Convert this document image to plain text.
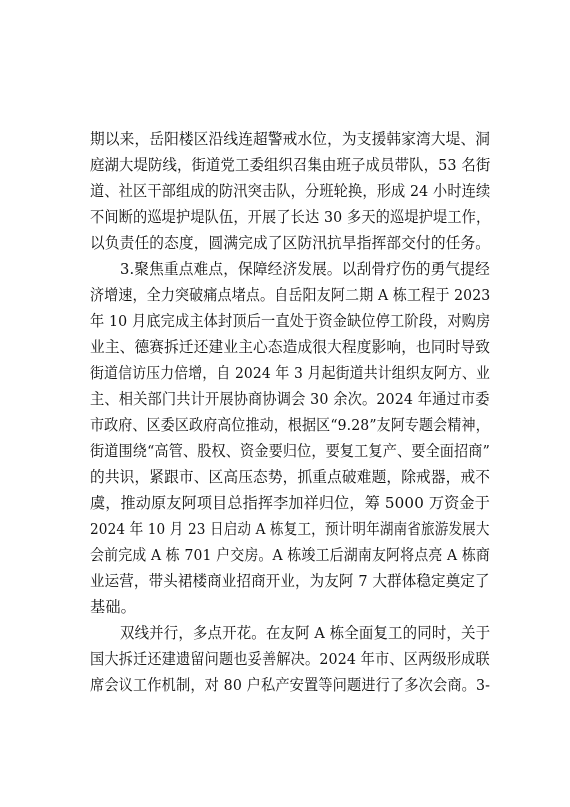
期以来，岳阳楼区沿线连超警戒水位，为支援韩家湾大堤、洞
庭湖大堤防线，街道党工委组织召集由班子成员带队，53 名街
道、社区干部组成的防汛突击队，分班轮换，形成 24 小时连续
不间断的巡堤护堤队伍，开展了长达 30 多天的巡堤护堤工作，
以负责任的态度，圆满完成了区防汛抗旱指挥部交付的任务。
3.聚焦重点难点，保障经济发展。以刮骨疗伤的勇气提经
济增速，全力突破痛点堵点。自岳阳友阿二期 A 栋工程于 2023
年 10 月底完成主体封顶后一直处于资金缺位停工阶段，对购房
业主、德赛拆迁还建业主心态造成很大程度影响，也同时导致
街道信访压力倍增，自 2024 年 3 月起街道共计组织友阿方、业
主、相关部门共计开展协商协调会 30 余次。2024 年通过市委
市政府、区委区政府高位推动，根据区“9.28”友阿专题会精神，
街道围绕“高管、股权、资金要归位，要复工复产、要全面招商”
的共识，紧跟市、区高压态势，抓重点破难题，除戒器，戒不
虞，推动原友阿项目总指挥李加祥归位，筹 5000 万资金于
2024 年 10 月 23 日启动 A 栋复工，预计明年湖南省旅游发展大
会前完成 A 栋 701 户交房。A 栋竣工后湖南友阿将点亮 A 栋商
业运营，带头裙楼商业招商开业，为友阿 7 大群体稳定奠定了
基础。
双线并行，多点开花。在友阿 A 栋全面复工的同时，关于
国大拆迁还建遗留问题也妥善解决。2024 年市、区两级形成联
席会议工作机制，对 80 户私产安置等问题进行了多次会商。3-
